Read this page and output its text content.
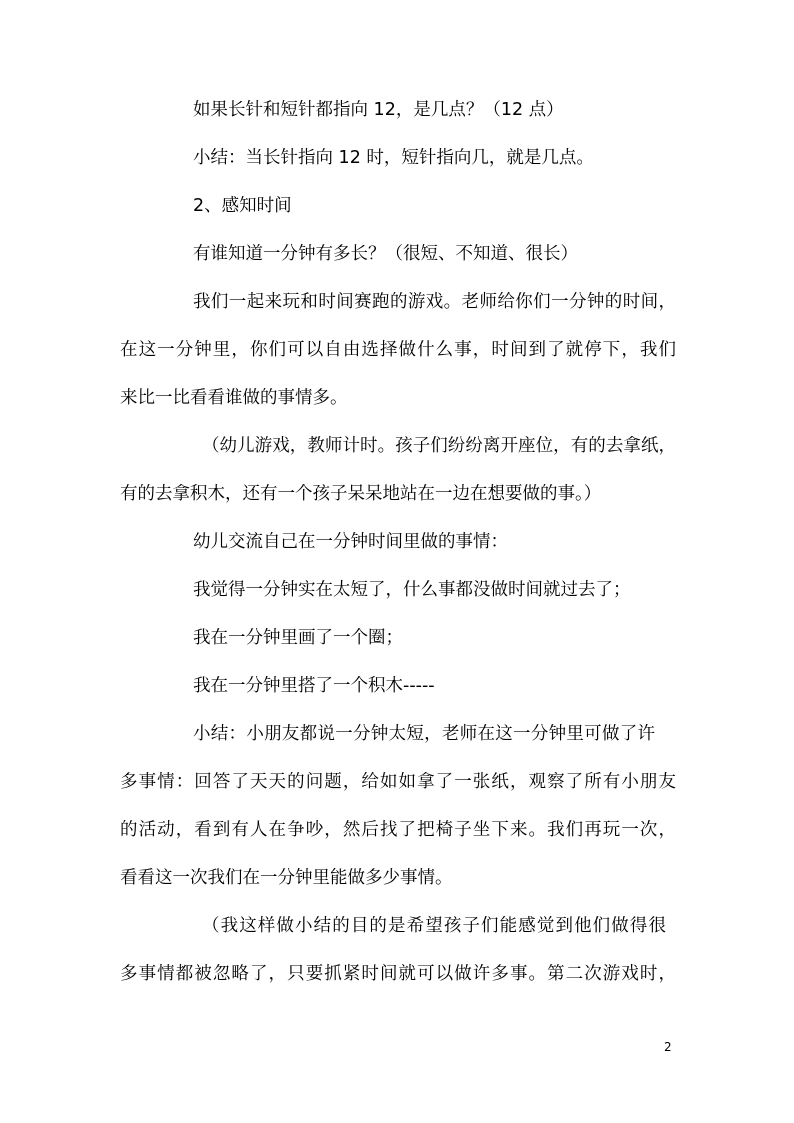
如果长针和短针都指向 12，是几点？（12 点）
小结：当长针指向 12 时，短针指向几，就是几点。
2、感知时间
有谁知道一分钟有多长？（很短、不知道、很长）
我们一起来玩和时间赛跑的游戏。老师给你们一分钟的时间，
在这一分钟里，你们可以自由选择做什么事，时间到了就停下，我们
来比一比看看谁做的事情多。
（幼儿游戏，教师计时。孩子们纷纷离开座位，有的去拿纸，
有的去拿积木，还有一个孩子呆呆地站在一边在想要做的事。）
幼儿交流自己在一分钟时间里做的事情：
我觉得一分钟实在太短了，什么事都没做时间就过去了；
我在一分钟里画了一个圈；
我在一分钟里搭了一个积木-----
小结：小朋友都说一分钟太短，老师在这一分钟里可做了许
多事情：回答了天天的问题，给如如拿了一张纸，观察了所有小朋友
的活动，看到有人在争吵，然后找了把椅子坐下来。我们再玩一次，
看看这一次我们在一分钟里能做多少事情。
（我这样做小结的目的是希望孩子们能感觉到他们做得很
多事情都被忽略了，只要抓紧时间就可以做许多事。第二次游戏时，
2
